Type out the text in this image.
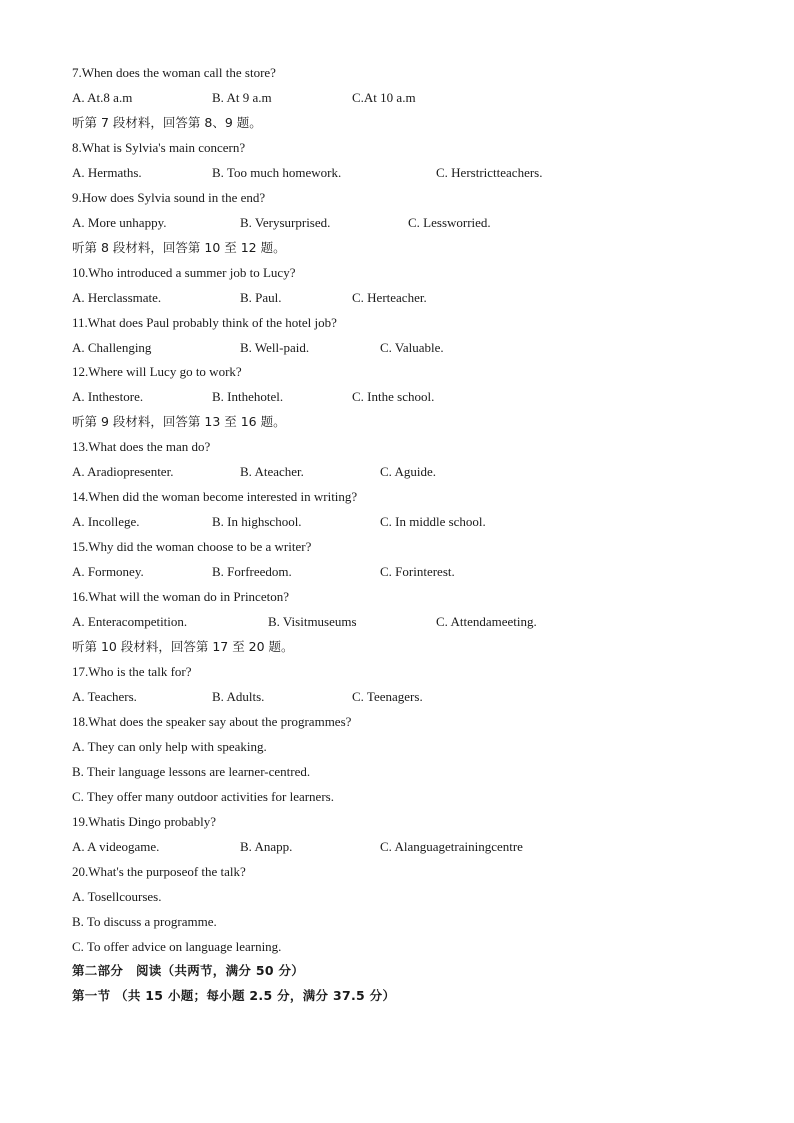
7.When does the woman call the store?
A. At.8 a.m	B. At 9 a.m	C.At 10 a.m
听第 7 段材料，回答第 8、9 题。
8.What is Sylvia's main concern?
A. Hermaths.	B. Too much homework.	C. Herstrictteachers.
9.How does Sylvia sound in the end?
A. More unhappy.	B. Verysurprised.	C. Lessworried.
听第 8 段材料，回答第 10 至 12 题。
10.Who introduced a summer job to Lucy?
A. Herclassmate.	B. Paul.	C. Herteacher.
11.What does Paul probably think of the hotel job?
A. Challenging	B. Well-paid.	C. Valuable.
12.Where will Lucy go to work?
A. Inthestore.	B. Inthehotel.	C. Inthe school.
听第 9 段材料，回答第 13 至 16 题。
13.What does the man do?
A. Aradiopresenter.	B. Ateacher.	C. Aguide.
14.When did the woman become interested in writing?
A. Incollege.	B. In highschool.	C. In middle school.
15.Why did the woman choose to be a writer?
A. Formoney.	B. Forfreedom.	C. Forinterest.
16.What will the woman do in Princeton?
A. Enteracompetition.	B. Visitmuseums	C. Attendameeting.
听第 10 段材料，回答第 17 至 20 题。
17.Who is the talk for?
A. Teachers.	B. Adults.	C. Teenagers.
18.What does the speaker say about the programmes?
A. They can only help with speaking.
B. Their language lessons are learner-centred.
C. They offer many outdoor activities for learners.
19.Whatis Dingo probably?
A. A videogame.	B. Anapp.	C. Alanguagetrainingcentre
20.What's the purposeof the talk?
A. Tosellcourses.
B. To discuss a programme.
C. To offer advice on language learning.
第二部分　阅读（共两节，满分 50 分）
第一节 （共 15 小题；每小题 2.5 分，满分 37.5 分）
